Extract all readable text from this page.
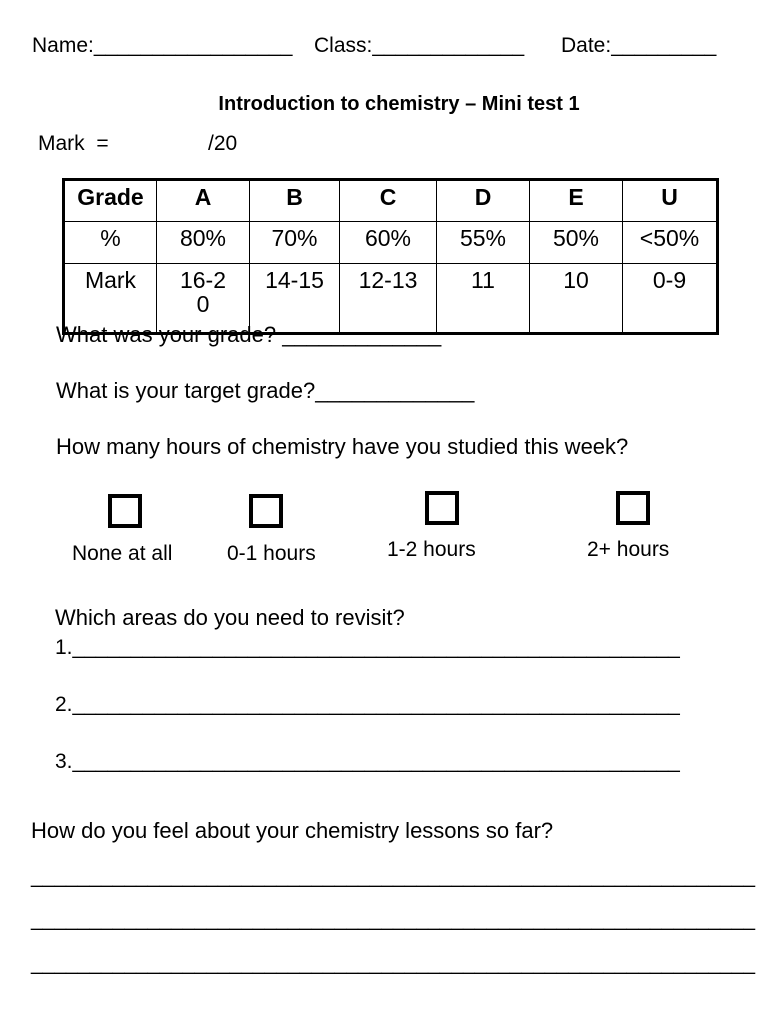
Name:_________________ Class:_____________ Date:_________
Introduction to chemistry – Mini test 1
Mark  =	/20
Grade	A	B	C	D	E	U
%	80%	70%	60%	55%	50%	<50%
Mark	16-20	14-15	12-13	11	10	0-9
What was your grade? _____________
What is your target grade?_____________
How many hours of chemistry have you studied this week?
None at all	0-1 hours	1-2 hours	2+ hours
Which areas do you need to revisit?
1.____________________________________________________
2.____________________________________________________
3.____________________________________________________
How do you feel about your chemistry lessons so far?
______________________________________________________________
______________________________________________________________
______________________________________________________________
